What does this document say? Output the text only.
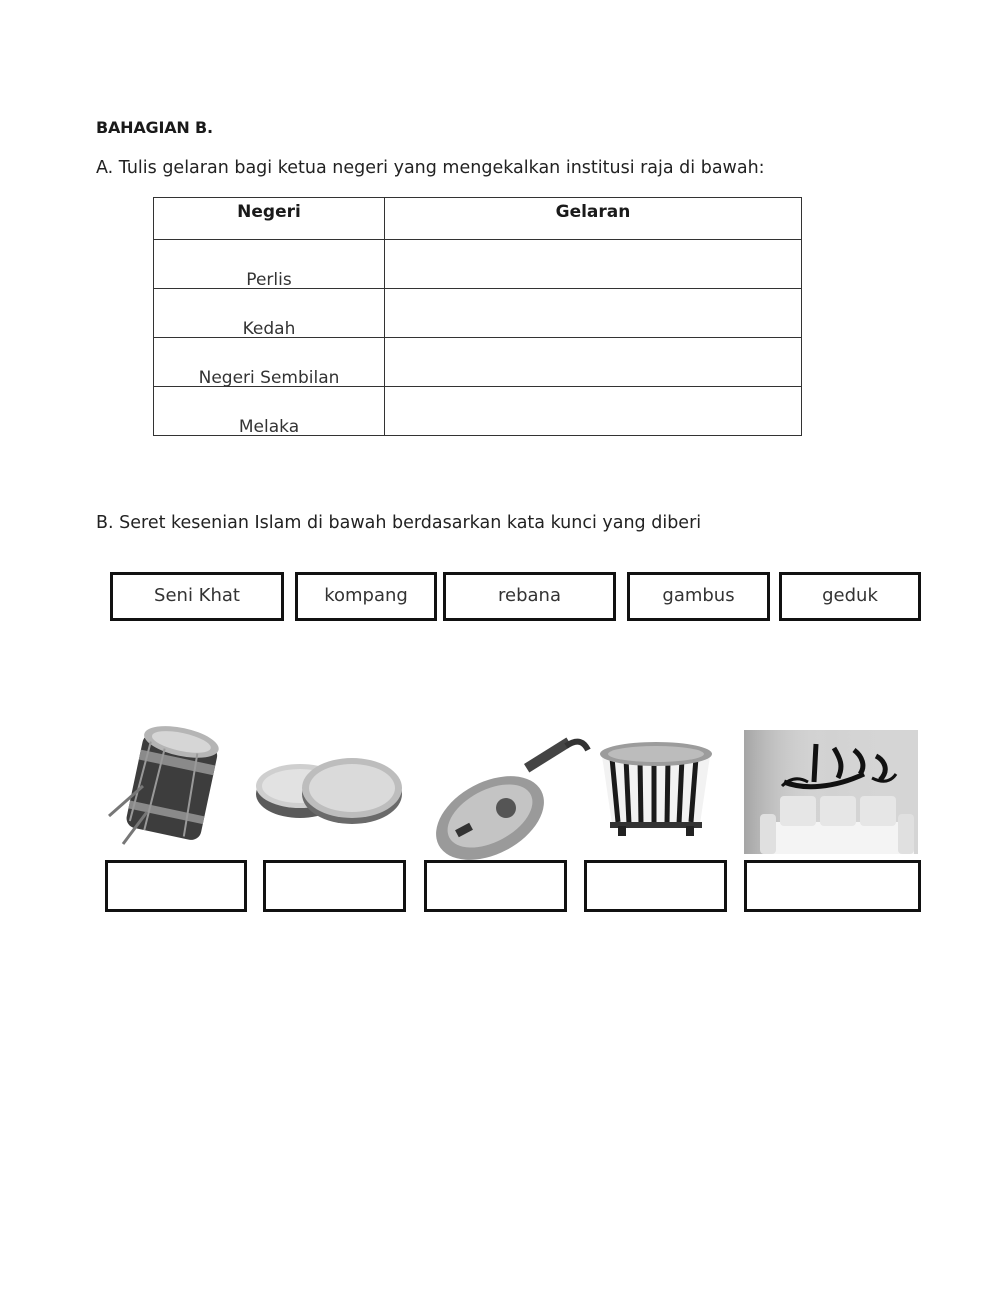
BAHAGIAN B.
A. Tulis gelaran bagi ketua negeri yang mengekalkan institusi raja di bawah:
Negeri	Gelaran
Perlis	
Kedah	
Negeri Sembilan	
Melaka	
B. Seret kesenian Islam di bawah berdasarkan kata kunci yang diberi
Seni Khat	kompang	rebana	gambus	geduk
